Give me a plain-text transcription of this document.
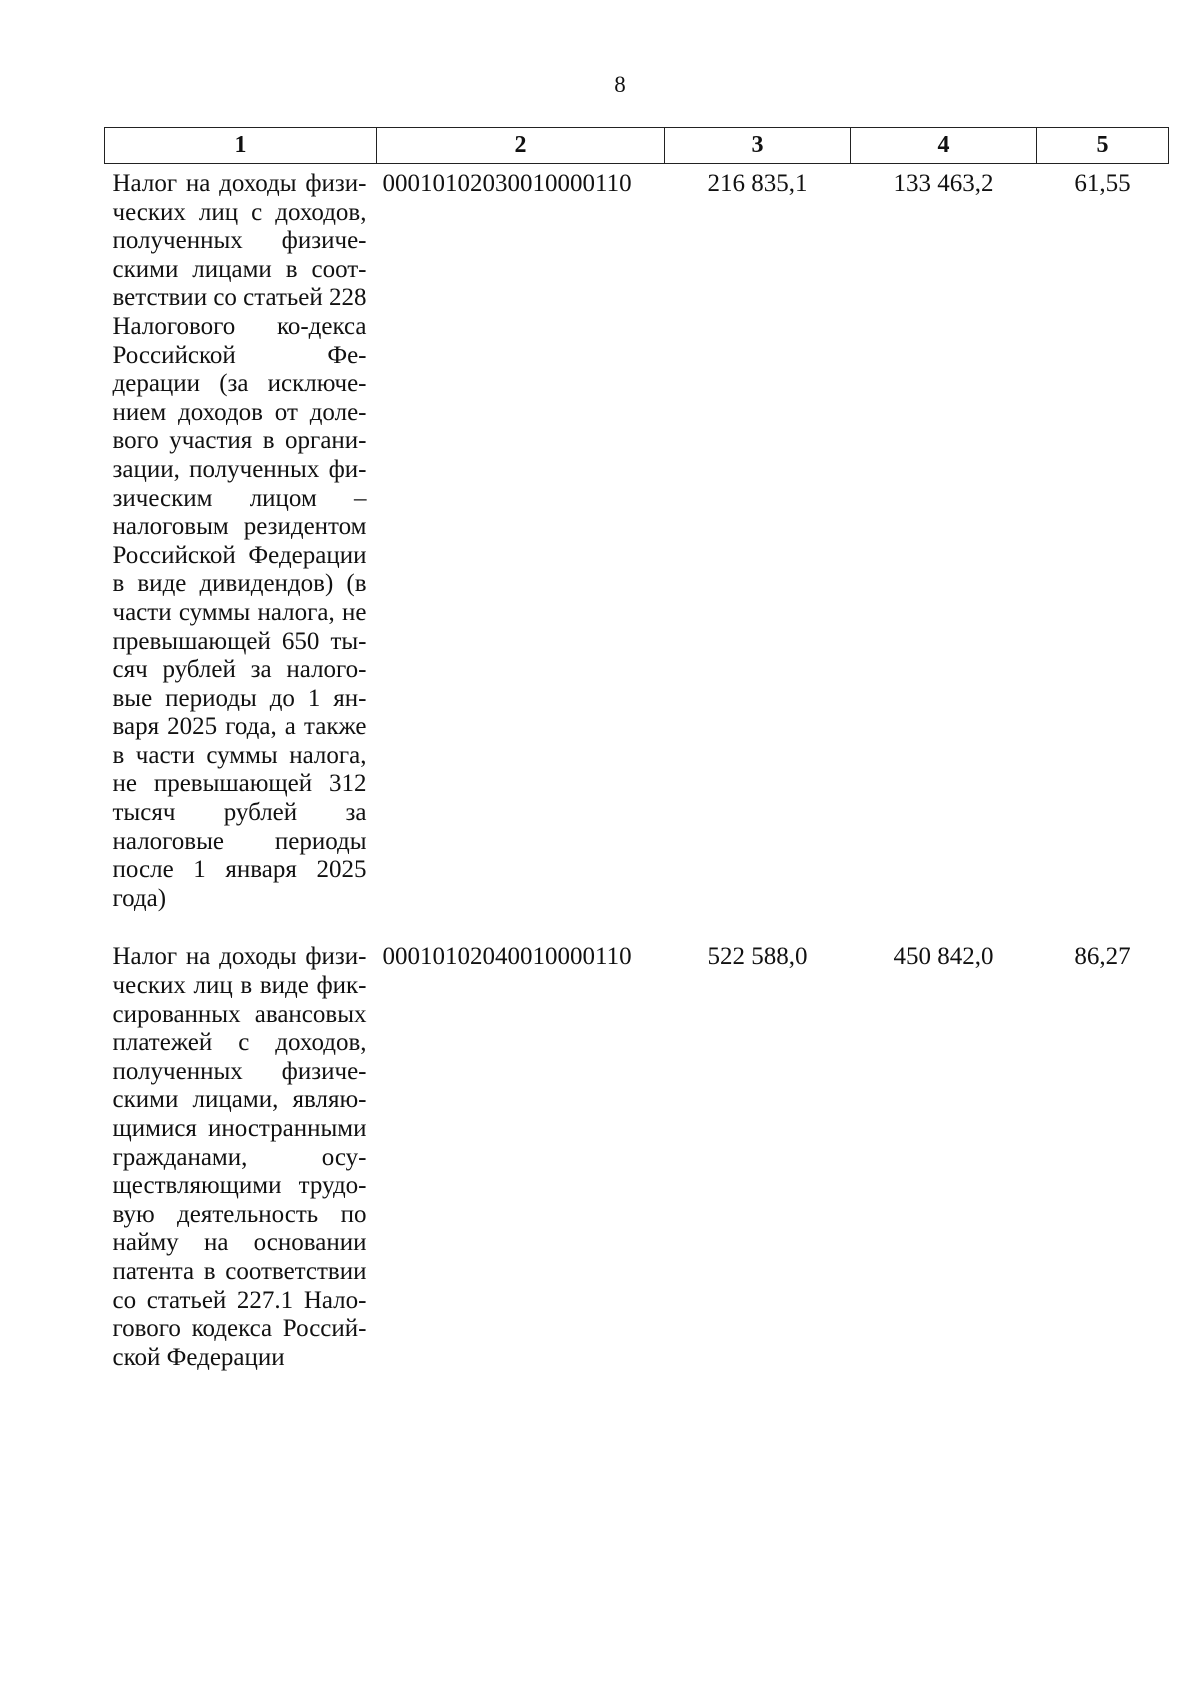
8
1	2	3	4	5
Налог на доходы физи-ческих лиц с доходов, полученных физиче-скими лицами в соот-ветствии со статьей 228 Налогового ко-декса Российской Фе-дерации (за исключе-нием доходов от доле-вого участия в органи-зации, полученных фи-зическим лицом – налоговым резидентом Российской Федерации в виде дивидендов) (в части суммы налога, не превышающей 650 ты-сяч рублей за налого-вые периоды до 1 ян-варя 2025 года, а также в части суммы налога, не превышающей 312 тысяч рублей за налоговые периоды после 1 января 2025 года)	00010102030010000110	216 835,1	133 463,2	61,55
Налог на доходы физи-ческих лиц в виде фик-сированных авансовых платежей с доходов, полученных физиче-скими лицами, являю-щимися иностранными гражданами, осу-ществляющими трудо-вую деятельность по найму на основании патента в соответствии со статьей 227.1 Нало-гового кодекса Россий-ской Федерации	00010102040010000110	522 588,0	450 842,0	86,27
